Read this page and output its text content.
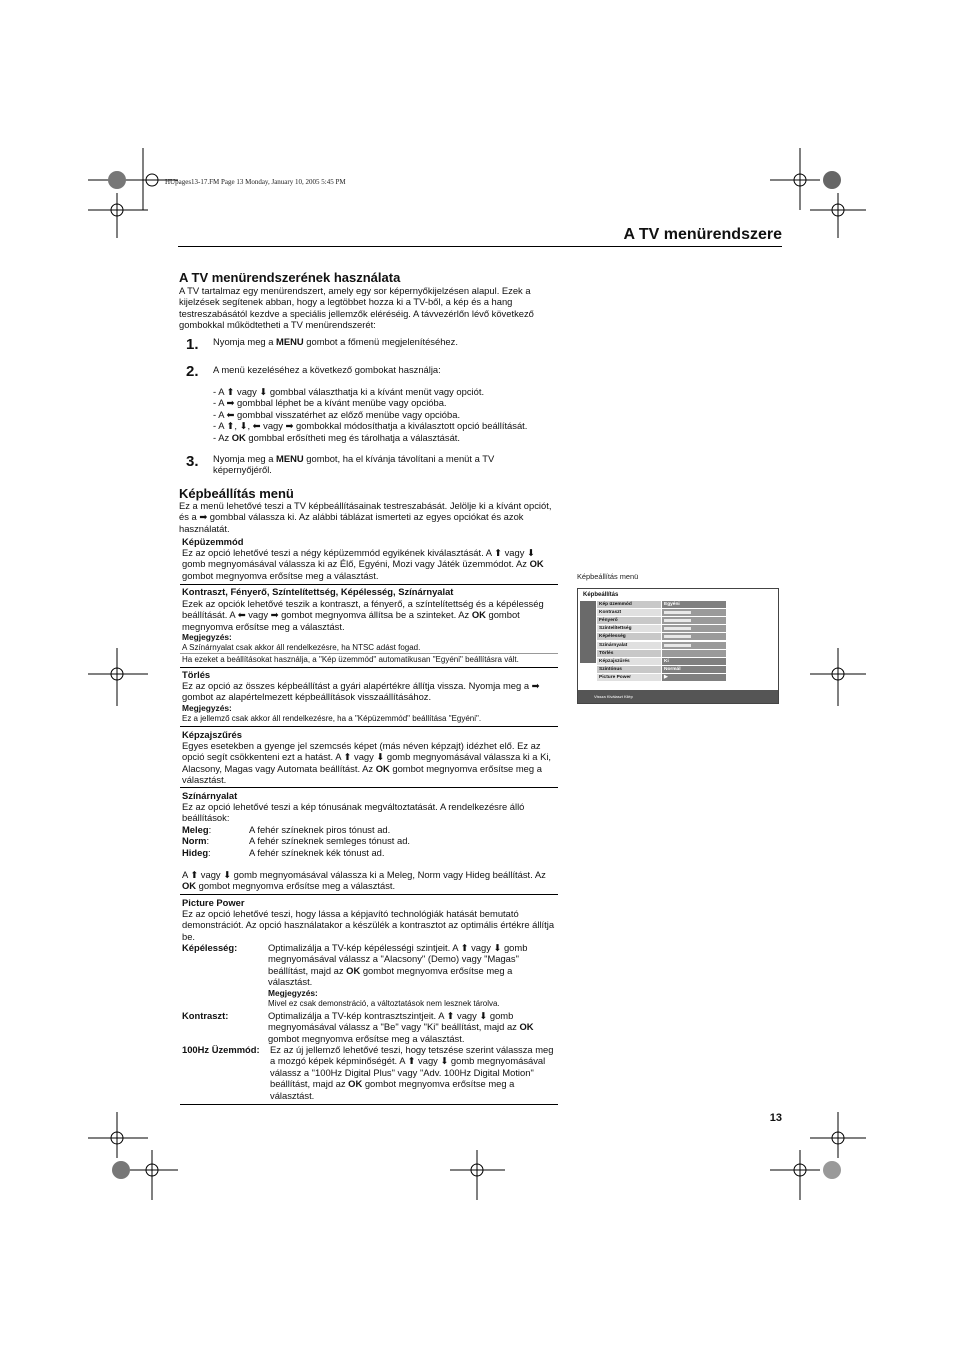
HUpages13-17.FM Page 13 Monday, January 10, 2005 5:45 PM
A TV menürendszere
A TV menürendszerének használata
A TV tartalmaz egy menürendszert, amely egy sor képernyőkijelzésen alapul. Ezek a kijelzések segítenek abban, hogy a legtöbbet hozza ki a TV-ből, a kép és a hang testreszabásától kezdve a speciális jellemzők eléréséig. A távvezérlőn lévő következő gombokkal működtetheti a TV menürendszerét:
1. Nyomja meg a MENU gombot a főmenü megjelenítéséhez.
2. A menü kezeléséhez a következő gombokat használja:
- A ⬆ vagy ⬇ gombbal választhatja ki a kívánt menüt vagy opciót.
- A ➡ gombbal léphet be a kívánt menübe vagy opcióba.
- A ⬅ gombbal visszatérhet az előző menübe vagy opcióba.
- A ⬆, ⬇, ⬅ vagy ➡ gombokkal módosíthatja a kiválasztott opció beállítását.
- Az OK gombbal erősítheti meg és tárolhatja a választását.
3. Nyomja meg a MENU gombot, ha el kívánja távolítani a menüt a TV képernyőjéről.
Képbeállítás menü
Ez a menü lehetővé teszi a TV képbeállításainak testreszabását. Jelölje ki a kívánt opciót, és a ➡ gombbal válassza ki. Az alábbi táblázat ismerteti az egyes opciókat és azok használatát.
Képüzemmód
Ez az opció lehetővé teszi a négy képüzemmód egyikének kiválasztását. A ⬆ vagy ⬇ gomb megnyomásával válassza ki az Élő, Egyéni, Mozi vagy Játék üzemmódot. Az OK gombot megnyomva erősítse meg a választást.
Kontraszt, Fényerő, Színtelítettség, Képélesség, Színárnyalat
Ezek az opciók lehetővé teszik a kontraszt, a fényerő, a színtelítettség és a képélesség beállítását. A ⬅ vagy ➡ gombot megnyomva állítsa be a szinteket. Az OK gombot megnyomva erősítse meg a választást.
Megjegyzés:
A Színárnyalat csak akkor áll rendelkezésre, ha NTSC adást fogad.
Ha ezeket a beállításokat használja, a "Kép üzemmód" automatikusan "Egyéni" beállításra vált.
Törlés
Ez az opció az összes képbeállítást a gyári alapértékre állítja vissza. Nyomja meg a ➡ gombot az alapértelmezett képbeállítások visszaállításához.
Megjegyzés:
Ez a jellemző csak akkor áll rendelkezésre, ha a "Képüzemmód" beállítása "Egyéni".
Képzajszűrés
Egyes esetekben a gyenge jel szemcsés képet (más néven képzajt) idézhet elő. Ez az opció segít csökkenteni ezt a hatást. A ⬆ vagy ⬇ gomb megnyomásával válassza ki a Ki, Alacsony, Magas vagy Automata beállítást. Az OK gombot megnyomva erősítse meg a választást.
Színárnyalat
Ez az opció lehetővé teszi a kép tónusának megváltoztatását. A rendelkezésre álló beállítások:
Meleg:	A fehér színeknek piros tónust ad.
Norm:	A fehér színeknek semleges tónust ad.
Hideg:	A fehér színeknek kék tónust ad.
A ⬆ vagy ⬇ gomb megnyomásával válassza ki a Meleg, Norm vagy Hideg beállítást. Az OK gombot megnyomva erősítse meg a választást.
Picture Power
Ez az opció lehetővé teszi, hogy lássa a képjavító technológiák hatását bemutató demonstrációt. Az opció használatakor a készülék a kontrasztot az optimális értékre állítja be.
Képélesség:	Optimalizálja a TV-kép képélességi szintjeit. A ⬆ vagy ⬇ gomb megnyomásával válassz a "Alacsony" (Demo) vagy "Magas" beállítást, majd az OK gombot megnyomva erősítse meg a választást.
Megjegyzés:
Mivel ez csak demonstráció, a változtatások nem lesznek tárolva.
Kontraszt:	Optimalizálja a TV-kép kontrasztszintjeit. A ⬆ vagy ⬇ gomb megnyomásával válassz a "Be" vagy "Ki" beállítást, majd az OK gombot megnyomva erősítse meg a választást.
100Hz Üzemmód: Ez az új jellemző lehetővé teszi, hogy tetszése szerint válassza meg a mozgó képek képminőségét. A ⬆ vagy ⬇ gomb megnyomásával válassz a "100Hz Digital Plus" vagy "Adv. 100Hz Digital Motion" beállítást, majd az OK gombot megnyomva erősítse meg a választást.
Képbeállítás menü
Képbeállítás
Kép üzemmód	Egyéni
Kontraszt
Fényerő
Színtelítettség
Képélesség
Színárnyalat
Törlés
Képzajszűrés	Ki
Színtónus	Normál
Picture Power	▶
Vissza Kiválaszt Kilép
13
